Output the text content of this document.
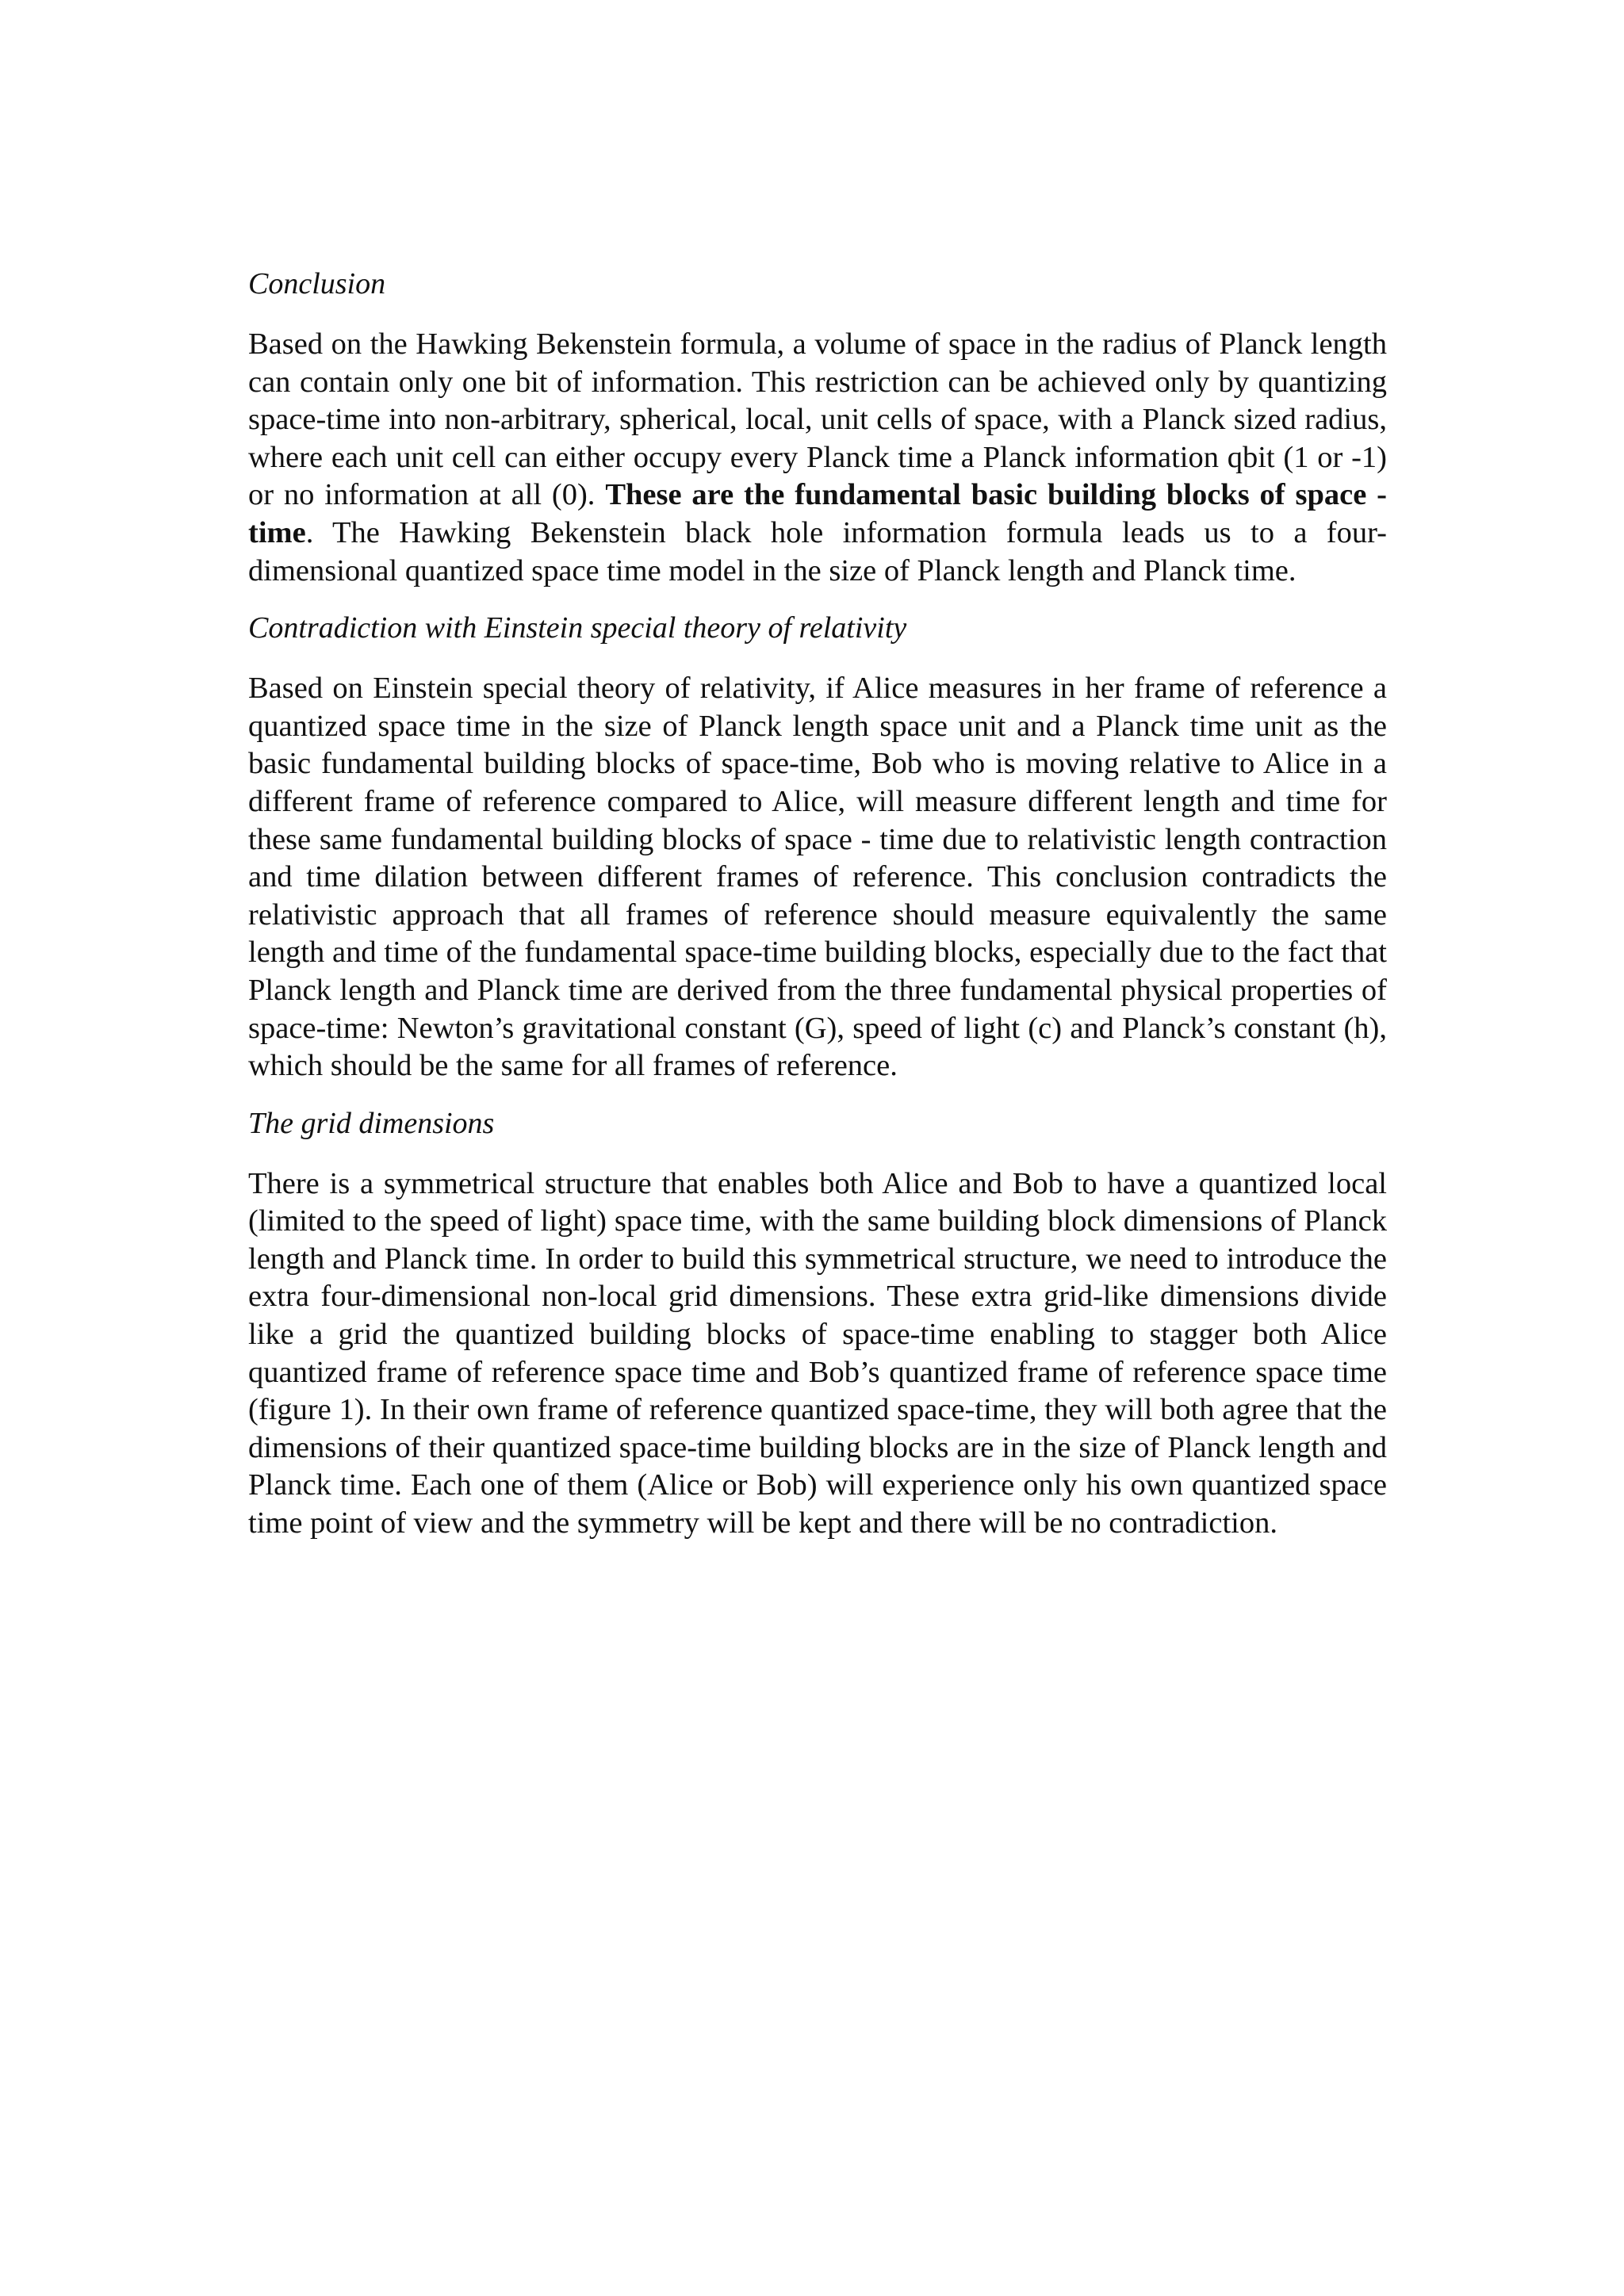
Conclusion

Based on the Hawking Bekenstein formula, a volume of space in the radius of Planck length can contain only one bit of information. This restriction can be achieved only by quantizing space-time into non-arbitrary, spherical, local, unit cells of space, with a Planck sized radius, where each unit cell can either occupy every Planck time a Planck information qbit (1 or -1) or no information at all (0). These are the fundamental basic building blocks of space - time. The Hawking Bekenstein black hole information formula leads us to a four-dimensional quantized space time model in the size of Planck length and Planck time.

Contradiction with Einstein special theory of relativity

Based on Einstein special theory of relativity, if Alice measures in her frame of reference a quantized space time in the size of Planck length space unit and a Planck time unit as the basic fundamental building blocks of space-time, Bob who is moving relative to Alice in a different frame of reference compared to Alice, will measure different length and time for these same fundamental building blocks of space - time due to relativistic length contraction and time dilation between different frames of reference. This conclusion contradicts the relativistic approach that all frames of reference should measure equivalently the same length and time of the fundamental space-time building blocks, especially due to the fact that Planck length and Planck time are derived from the three fundamental physical properties of space-time: Newton’s gravitational constant (G), speed of light (c) and Planck’s constant (h), which should be the same for all frames of reference.

The grid dimensions

There is a symmetrical structure that enables both Alice and Bob to have a quantized local (limited to the speed of light) space time, with the same building block dimensions of Planck length and Planck time. In order to build this symmetrical structure, we need to introduce the extra four-dimensional non-local grid dimensions. These extra grid-like dimensions divide like a grid the quantized building blocks of space-time enabling to stagger both Alice quantized frame of reference space time and Bob’s quantized frame of reference space time (figure 1). In their own frame of reference quantized space-time, they will both agree that the dimensions of their quantized space-time building blocks are in the size of Planck length and Planck time. Each one of them (Alice or Bob) will experience only his own quantized space time point of view and the symmetry will be kept and there will be no contradiction.
